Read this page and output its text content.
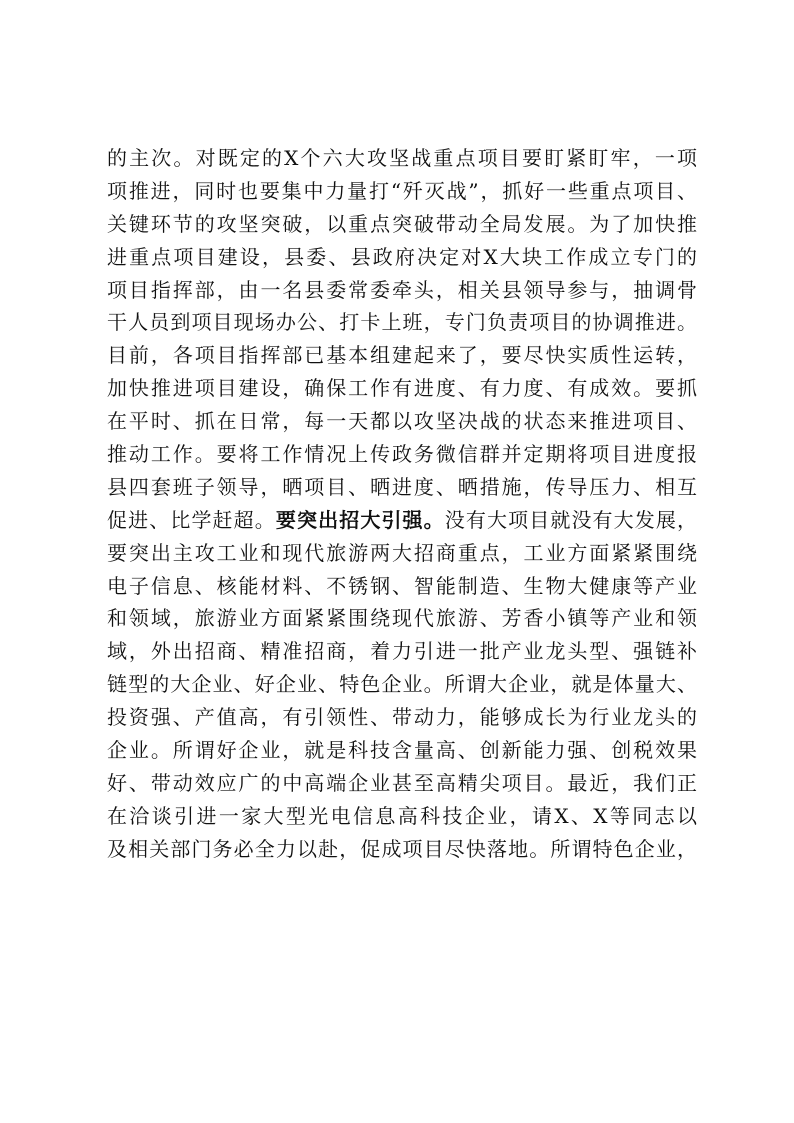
的主次。对既定的X个六大攻坚战重点项目要盯紧盯牢，一项
项推进，同时也要集中力量打“歼灭战”，抓好一些重点项目、
关键环节的攻坚突破，以重点突破带动全局发展。为了加快推
进重点项目建设，县委、县政府决定对X大块工作成立专门的
项目指挥部，由一名县委常委牵头，相关县领导参与，抽调骨
干人员到项目现场办公、打卡上班，专门负责项目的协调推进。
目前，各项目指挥部已基本组建起来了，要尽快实质性运转，
加快推进项目建设，确保工作有进度、有力度、有成效。要抓
在平时、抓在日常，每一天都以攻坚决战的状态来推进项目、
推动工作。要将工作情况上传政务微信群并定期将项目进度报
县四套班子领导，晒项目、晒进度、晒措施，传导压力、相互
促进、比学赶超。要突出招大引强。没有大项目就没有大发展，
要突出主攻工业和现代旅游两大招商重点，工业方面紧紧围绕
电子信息、核能材料、不锈钢、智能制造、生物大健康等产业
和领域，旅游业方面紧紧围绕现代旅游、芳香小镇等产业和领
域，外出招商、精准招商，着力引进一批产业龙头型、强链补
链型的大企业、好企业、特色企业。所谓大企业，就是体量大、
投资强、产值高，有引领性、带动力，能够成长为行业龙头的
企业。所谓好企业，就是科技含量高、创新能力强、创税效果
好、带动效应广的中高端企业甚至高精尖项目。最近，我们正
在洽谈引进一家大型光电信息高科技企业，请X、X等同志以
及相关部门务必全力以赴，促成项目尽快落地。所谓特色企业，
